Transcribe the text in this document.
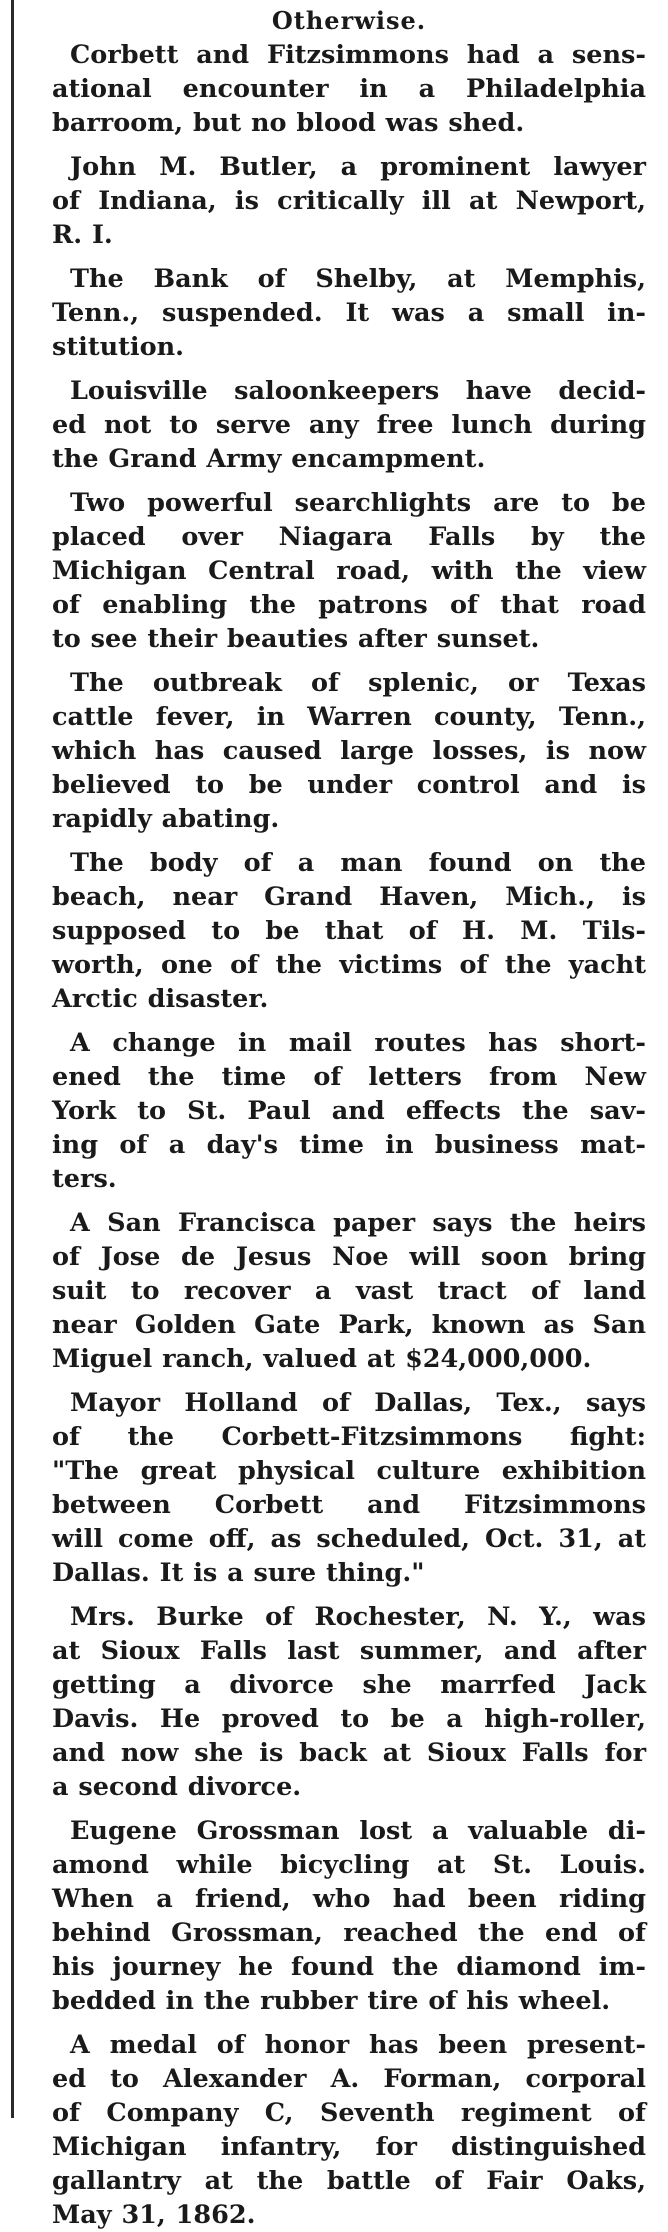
Otherwise.
Corbett and Fitzsimmons had a sens-
ational encounter in a Philadelphia
barroom, but no blood was shed.
John M. Butler, a prominent lawyer
of Indiana, is critically ill at Newport,
R. I.
The Bank of Shelby, at Memphis,
Tenn., suspended. It was a small in-
stitution.
Louisville saloonkeepers have decid-
ed not to serve any free lunch during
the Grand Army encampment.
Two powerful searchlights are to be
placed over Niagara Falls by the
Michigan Central road, with the view
of enabling the patrons of that road
to see their beauties after sunset.
The outbreak of splenic, or Texas
cattle fever, in Warren county, Tenn.,
which has caused large losses, is now
believed to be under control and is
rapidly abating.
The body of a man found on the
beach, near Grand Haven, Mich., is
supposed to be that of H. M. Tils-
worth, one of the victims of the yacht
Arctic disaster.
A change in mail routes has short-
ened the time of letters from New
York to St. Paul and effects the sav-
ing of a day's time in business mat-
ters.
A San Francisca paper says the heirs
of Jose de Jesus Noe will soon bring
suit to recover a vast tract of land
near Golden Gate Park, known as San
Miguel ranch, valued at $24,000,000.
Mayor Holland of Dallas, Tex., says
of the Corbett-Fitzsimmons fight:
"The great physical culture exhibition
between Corbett and Fitzsimmons
will come off, as scheduled, Oct. 31, at
Dallas. It is a sure thing."
Mrs. Burke of Rochester, N. Y., was
at Sioux Falls last summer, and after
getting a divorce she marrfed Jack
Davis. He proved to be a high-roller,
and now she is back at Sioux Falls for
a second divorce.
Eugene Grossman lost a valuable di-
amond while bicycling at St. Louis.
When a friend, who had been riding
behind Grossman, reached the end of
his journey he found the diamond im-
bedded in the rubber tire of his wheel.
A medal of honor has been present-
ed to Alexander A. Forman, corporal
of Company C, Seventh regiment of
Michigan infantry, for distinguished
gallantry at the battle of Fair Oaks,
May 31, 1862.
